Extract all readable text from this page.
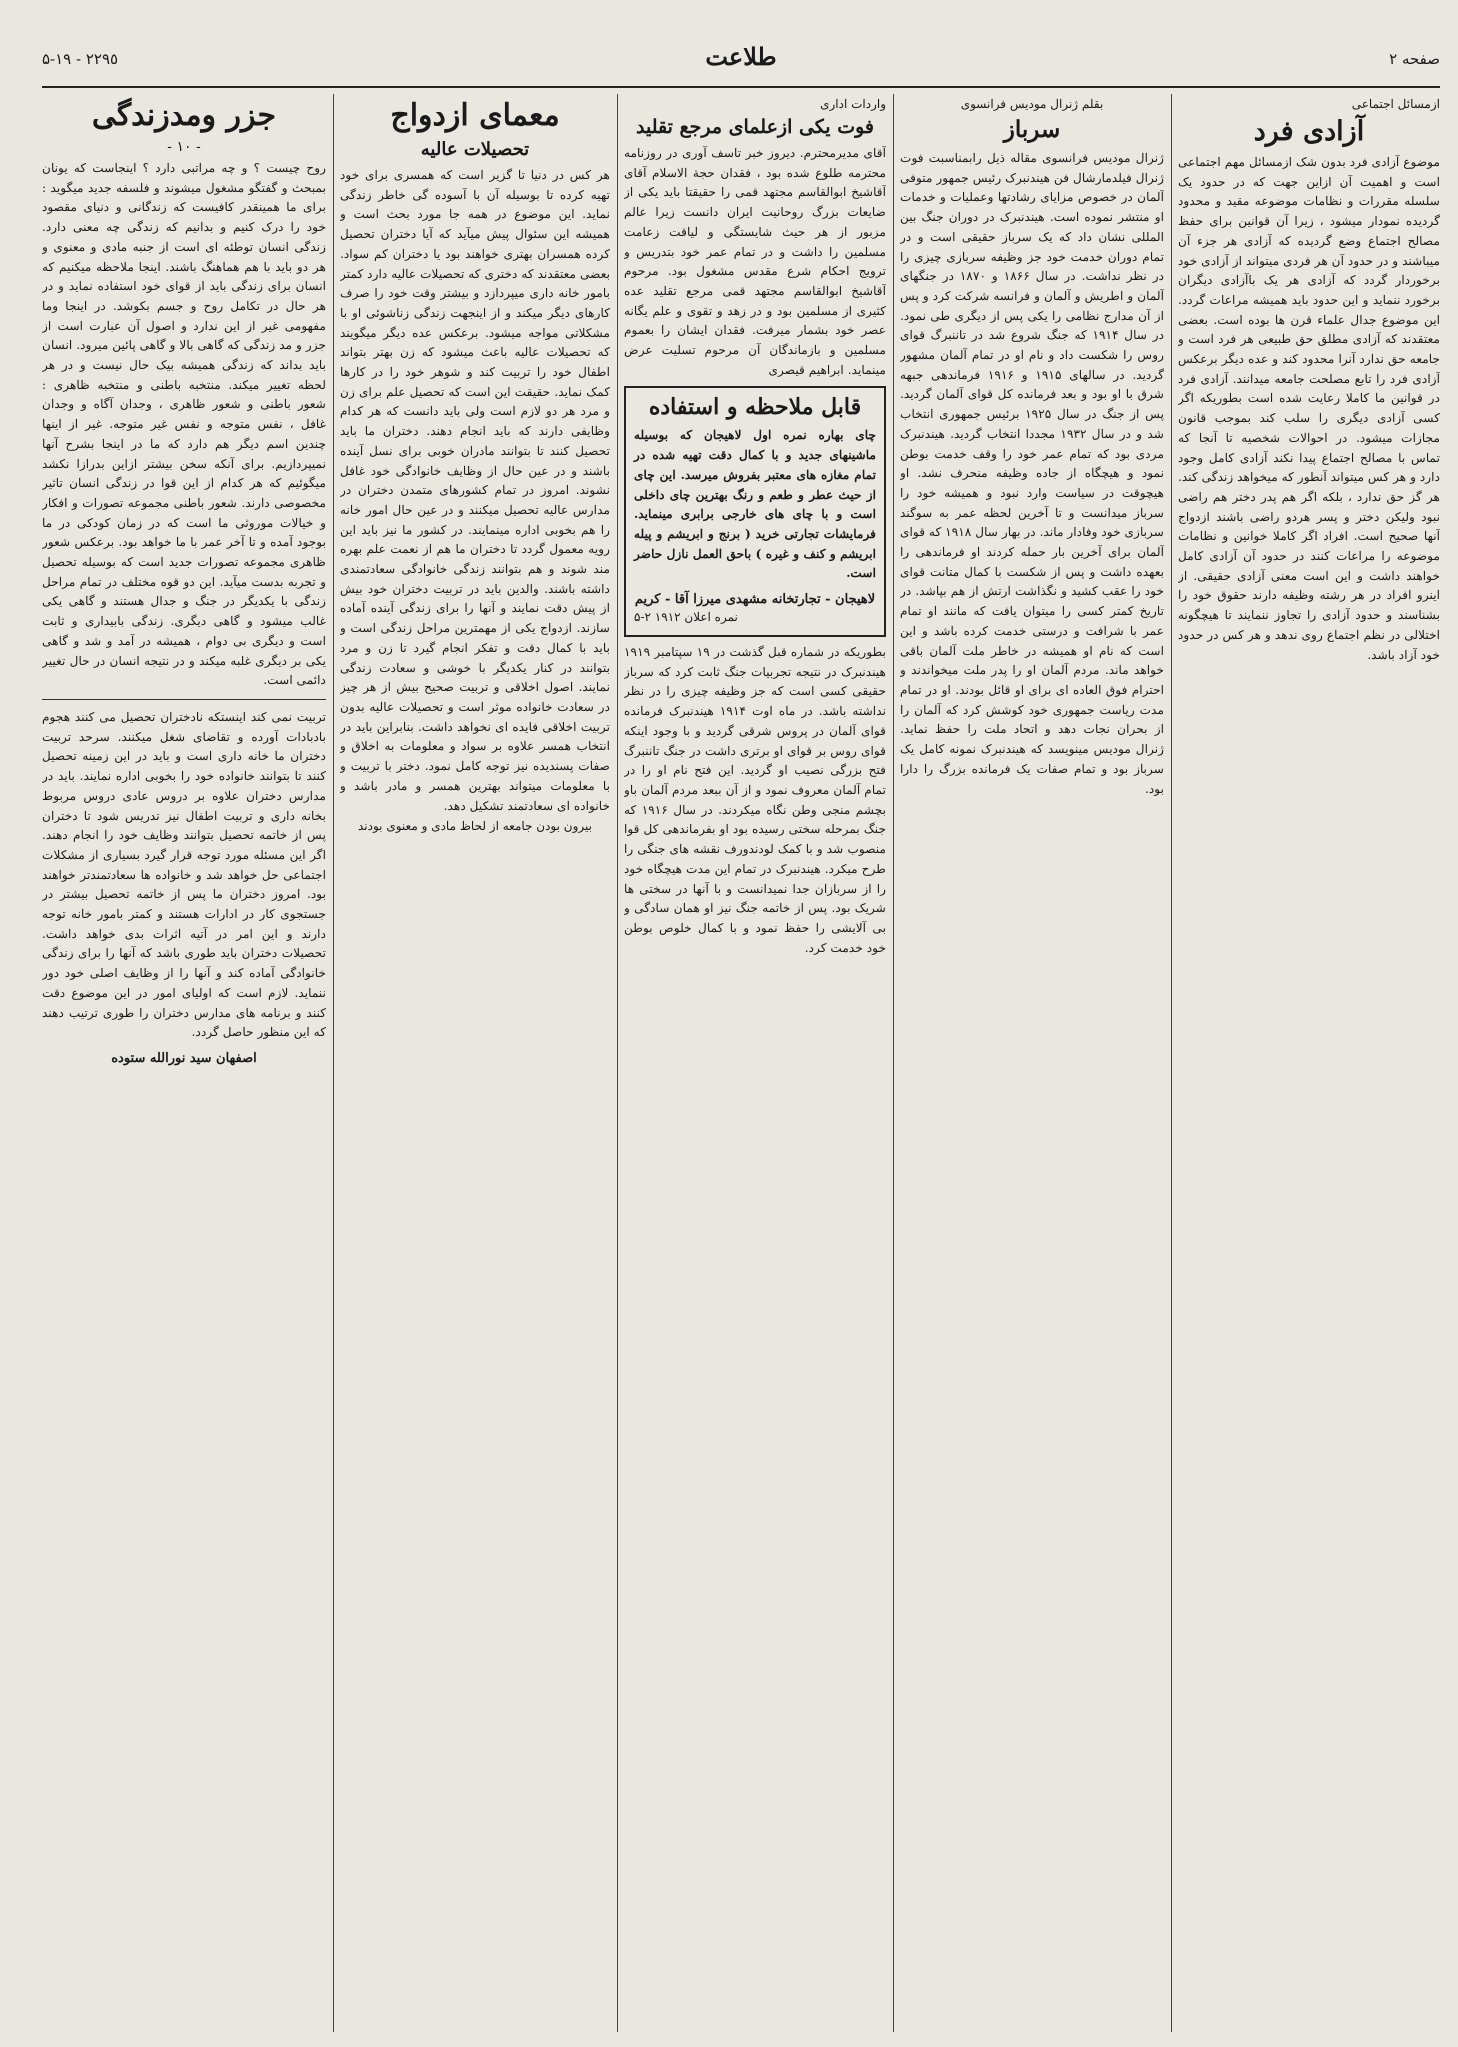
صفحه ۲
طلاعت
٢٢٩٥ - ۵-۱۹
ازمسائل اجتماعی
آزادی فرد

موضوع آزادی فرد بدون شک ازمسائل مهم اجتماعی است و اهمیت آن ازاین جهت که در حدود یک سلسله مقررات و نظامات موضوعه مقید و محدود گردیده نمودار میشود ، زیرا آن قوانین برای حفظ مصالح اجتماع وضع گردیده که آزادی هر جزء آن میباشند و در حدود آن هر فردی میتواند از آزادی خود برخوردار گردد که آزادی هر یک باآزادی دیگران برخورد ننماید و این حدود باید همیشه مراعات گردد. این موضوع جدال علماء قرن ها بوده است. بعضی معتقدند که آزادی مطلق حق طبیعی هر فرد است و جامعه حق ندارد آنرا محدود کند و عده دیگر برعکس آزادی فرد را تابع مصلحت جامعه میدانند. آزادی فرد در قوانین ما کاملا رعایت شده است بطوریکه اگر کسی آزادی دیگری را سلب کند بموجب قانون مجازات میشود. در احوالات شخصیه تا آنجا که تماس با مصالح اجتماع پیدا نکند آزادی کامل وجود دارد و هر کس میتواند آنطور که میخواهد زندگی کند. هر گز حق ندارد ، بلکه اگر هم پدر دختر هم راضی نبود ولیکن دختر و پسر هردو راضی باشند ازدواج آنها صحیح است. افراد اگر کاملا خوانین و نظامات موضوعه را مراعات کنند در حدود آن آزادی کامل خواهند داشت و این است معنی آزادی حقیقی. از اینرو افراد در هر رشته وظیفه دارند حقوق خود را بشناسند و حدود آزادی را تجاوز ننمایند تا هیچگونه اختلالی در نظم اجتماع روی ندهد و هر کس در حدود خود آزاد باشد.

بقلم ژنرال مودیس فرانسوی
سرباز

ژنرال مودیس فرانسوی مقاله ذیل رابمناسبت فوت ژنرال فیلدمارشال فن هیندنبرک رئیس جمهور متوفی آلمان در خصوص مزایای رشادتها وعملیات و خدمات او منتشر نموده است. هیندنبرک در دوران جنگ بین المللی نشان داد که یک سرباز حقیقی است و در تمام دوران خدمت خود جز وظیفه سربازی چیزی را در نظر نداشت. در سال ۱۸۶۶ و ۱۸۷۰ در جنگهای آلمان و اطریش و آلمان و فرانسه شرکت کرد و پس از آن مدارج نظامی را یکی پس از دیگری طی نمود. در سال ۱۹۱۴ که جنگ شروع شد در تاننبرگ قوای روس را شکست داد و نام او در تمام آلمان مشهور گردید. در سالهای ۱۹۱۵ و ۱۹۱۶ فرماندهی جبهه شرق با او بود و بعد فرمانده کل قوای آلمان گردید. پس از جنگ در سال ۱۹۲۵ برئیس جمهوری انتخاب شد و در سال ۱۹۳۲ مجددا انتخاب گردید. هیندنبرک مردی بود که تمام عمر خود را وقف خدمت بوطن نمود و هیچگاه از جاده وظیفه منحرف نشد. او هیچوقت در سیاست وارد نبود و همیشه خود را سرباز میدانست و تا آخرین لحظه عمر به سوگند سربازی خود وفادار ماند. در بهار سال ۱۹۱۸ که قوای آلمان برای آخرین بار حمله کردند او فرماندهی را بعهده داشت و پس از شکست با کمال متانت قوای خود را عقب کشید و نگذاشت ارتش از هم بپاشد. در تاریخ کمتر کسی را میتوان یافت که مانند او تمام عمر با شرافت و درستی خدمت کرده باشد و این است که نام او همیشه در خاطر ملت آلمان باقی خواهد ماند. مردم آلمان او را پدر ملت میخواندند و احترام فوق العاده ای برای او قائل بودند. او در تمام مدت ریاست جمهوری خود کوشش کرد که آلمان را از بحران نجات دهد و اتحاد ملت را حفظ نماید. ژنرال مودیس مینویسد که هیندنبرک نمونه کامل یک سرباز بود و تمام صفات یک فرمانده بزرگ را دارا بود.

واردات اداری
فوت یکی ازعلمای مرجع تقلید

آقای مدیرمحترم. دیروز خبر تاسف آوری در روزنامه محترمه طلوع شده بود ، فقدان حجة الاسلام آقای آقاشیخ ابوالقاسم مجتهد قمی را حقیقتا باید یکی از ضایعات بزرگ روحانیت ایران دانست زیرا عالم مزبور از هر حیث شایستگی و لیاقت زعامت مسلمین را داشت و در تمام عمر خود بتدریس و ترویج احکام شرع مقدس مشغول بود. مرحوم آقاشیخ ابوالقاسم مجتهد قمی مرجع تقلید عده کثیری از مسلمین بود و در زهد و تقوی و علم یگانه عصر خود بشمار میرفت. فقدان ایشان را بعموم مسلمین و بازماندگان آن مرحوم تسلیت عرض مینماید. ابراهیم قیصری

قابل ملاحظه و استفاده

چای بهاره نمره اول لاهیجان که بوسیله ماشینهای جدید و با کمال دقت تهیه شده در تمام مغازه های معتبر بفروش میرسد. این چای از حیث عطر و طعم و رنگ بهترین چای داخلی است و با چای های خارجی برابری مینماید. فرمایشات تجارتی خرید ( برنج و ابریشم و پیله ابریشم و کنف و غیره ) باحق العمل نازل حاضر است.

لاهیجان - تجارتخانه مشهدی میرزا آقا - کریم
نمره اعلان ۱۹۱۲ ۲-۵

بطوریکه در شماره قبل گذشت در ۱۹ سپتامبر ۱۹۱۹ هیندنبرک در نتیجه تجربیات جنگ ثابت کرد که سرباز حقیقی کسی است که جز وظیفه چیزی را در نظر نداشته باشد. در ماه اوت ۱۹۱۴ هیندنبرک فرمانده قوای آلمان در پروس شرقی گردید و با وجود اینکه قوای روس بر قوای او برتری داشت در جنگ تاننبرگ فتح بزرگی نصیب او گردید. این فتح نام او را در تمام آلمان معروف نمود و از آن ببعد مردم آلمان باو بچشم منجی وطن نگاه میکردند. در سال ۱۹۱۶ که جنگ بمرحله سختی رسیده بود او بفرماندهی کل قوا منصوب شد و با کمک لودندورف نقشه های جنگی را طرح میکرد. هیندنبرک در تمام این مدت هیچگاه خود را از سربازان جدا نمیدانست و با آنها در سختی ها شریک بود. پس از خاتمه جنگ نیز او همان سادگی و بی آلایشی را حفظ نمود و با کمال خلوص بوطن خود خدمت کرد.

معمای ازدواج
تحصیلات عالیه

هر کس در دنیا تا گزیر است که همسری برای خود تهیه کرده تا بوسیله آن با آسوده گی خاطر زندگی نماید. این موضوع در همه جا مورد بحث است و همیشه این سئوال پیش میآید که آیا دختران تحصیل کرده همسران بهتری خواهند بود یا دختران کم سواد. بعضی معتقدند که دختری که تحصیلات عالیه دارد کمتر بامور خانه داری میپردازد و بیشتر وقت خود را صرف کارهای دیگر میکند و از اینجهت زندگی زناشوئی او با مشکلاتی مواجه میشود. برعکس عده دیگر میگویند که تحصیلات عالیه باعث میشود که زن بهتر بتواند اطفال خود را تربیت کند و شوهر خود را در کارها کمک نماید. حقیقت این است که تحصیل علم برای زن و مرد هر دو لازم است ولی باید دانست که هر کدام وظایفی دارند که باید انجام دهند. دختران ما باید تحصیل کنند تا بتوانند مادران خوبی برای نسل آینده باشند و در عین حال از وظایف خانوادگی خود غافل نشوند. امروز در تمام کشورهای متمدن دختران در مدارس عالیه تحصیل میکنند و در عین حال امور خانه را هم بخوبی اداره مینمایند. در کشور ما نیز باید این رویه معمول گردد تا دختران ما هم از نعمت علم بهره مند شوند و هم بتوانند زندگی خانوادگی سعادتمندی داشته باشند. والدین باید در تربیت دختران خود بیش از پیش دقت نمایند و آنها را برای زندگی آینده آماده سازند. ازدواج یکی از مهمترین مراحل زندگی است و باید با کمال دقت و تفکر انجام گیرد تا زن و مرد بتوانند در کنار یکدیگر با خوشی و سعادت زندگی نمایند. اصول اخلاقی و تربیت صحیح بیش از هر چیز در سعادت خانواده موثر است و تحصیلات عالیه بدون تربیت اخلاقی فایده ای نخواهد داشت. بنابراین باید در انتخاب همسر علاوه بر سواد و معلومات به اخلاق و صفات پسندیده نیز توجه کامل نمود. دختر با تربیت و با معلومات میتواند بهترین همسر و مادر باشد و خانواده ای سعادتمند تشکیل دهد.

بیرون بودن جامعه از لحاظ مادی و معنوی بودند
جزر ومدزندگی
- ۱۰ -

روح چیست ؟ و چه مراتبی دارد ؟ اینجاست که یونان بمبحث و گفتگو مشغول میشوند و فلسفه جدید میگوید : برای ما همینقدر کافیست که زندگانی و دنیای مقصود خود را درک کنیم و بدانیم که زندگی چه معنی دارد. زندگی انسان توطئه ای است از جنبه مادی و معنوی و هر دو باید با هم هماهنگ باشند. اینجا ملاحظه میکنیم که انسان برای زندگی باید از قوای خود استفاده نماید و در هر حال در تکامل روح و جسم بکوشد. در اینجا وما مفهومی غیر از این ندارد و اصول آن عبارت است از جزر و مد زندگی که گاهی بالا و گاهی پائین میرود. انسان باید بداند که زندگی همیشه بیک حال نیست و در هر لحظه تغییر میکند. منتخبه باطنی و منتخبه ظاهری : شعور باطنی و شعور ظاهری ، وجدان آگاه و وجدان غافل ، نفس متوجه و نفس غیر متوجه. غیر از اینها چندین اسم دیگر هم دارد که ما در اینجا بشرح آنها نمیپردازیم. برای آنکه سخن بیشتر ازاین بدرازا نکشد میگوئیم که هر کدام از این قوا در زندگی انسان تاثیر مخصوصی دارند. شعور باطنی مجموعه تصورات و افکار و خیالات موروثی ما است که در زمان کودکی در ما بوجود آمده و تا آخر عمر با ما خواهد بود. برعکس شعور ظاهری مجموعه تصورات جدید است که بوسیله تحصیل و تجربه بدست میآید. این دو قوه مختلف در تمام مراحل زندگی با یکدیگر در جنگ و جدال هستند و گاهی یکی غالب میشود و گاهی دیگری. زندگی بابیداری و ثابت است و دیگری بی دوام ، همیشه در آمد و شد و گاهی یکی بر دیگری غلبه میکند و در نتیجه انسان در حال تغییر دائمی است.

تربیت نمی کند اینستکه نادختران تحصیل می کنند هجوم بادبادات آورده و تقاضای شغل میکنند. سرحد تربیت دختران ما خانه داری است و باید در این زمینه تحصیل کنند تا بتوانند خانواده خود را بخوبی اداره نمایند. باید در مدارس دختران علاوه بر دروس عادی دروس مربوط بخانه داری و تربیت اطفال نیز تدریس شود تا دختران پس از خاتمه تحصیل بتوانند وظایف خود را انجام دهند. اگر این مسئله مورد توجه قرار گیرد بسیاری از مشکلات اجتماعی حل خواهد شد و خانواده ها سعادتمندتر خواهند بود. امروز دختران ما پس از خاتمه تحصیل بیشتر در جستجوی کار در ادارات هستند و کمتر بامور خانه توجه دارند و این امر در آتیه اثرات بدی خواهد داشت. تحصیلات دختران باید طوری باشد که آنها را برای زندگی خانوادگی آماده کند و آنها را از وظایف اصلی خود دور ننماید. لازم است که اولیای امور در این موضوع دقت کنند و برنامه های مدارس دختران را طوری ترتیب دهند که این منظور حاصل گردد.

اصفهان سید نورالله ستوده
